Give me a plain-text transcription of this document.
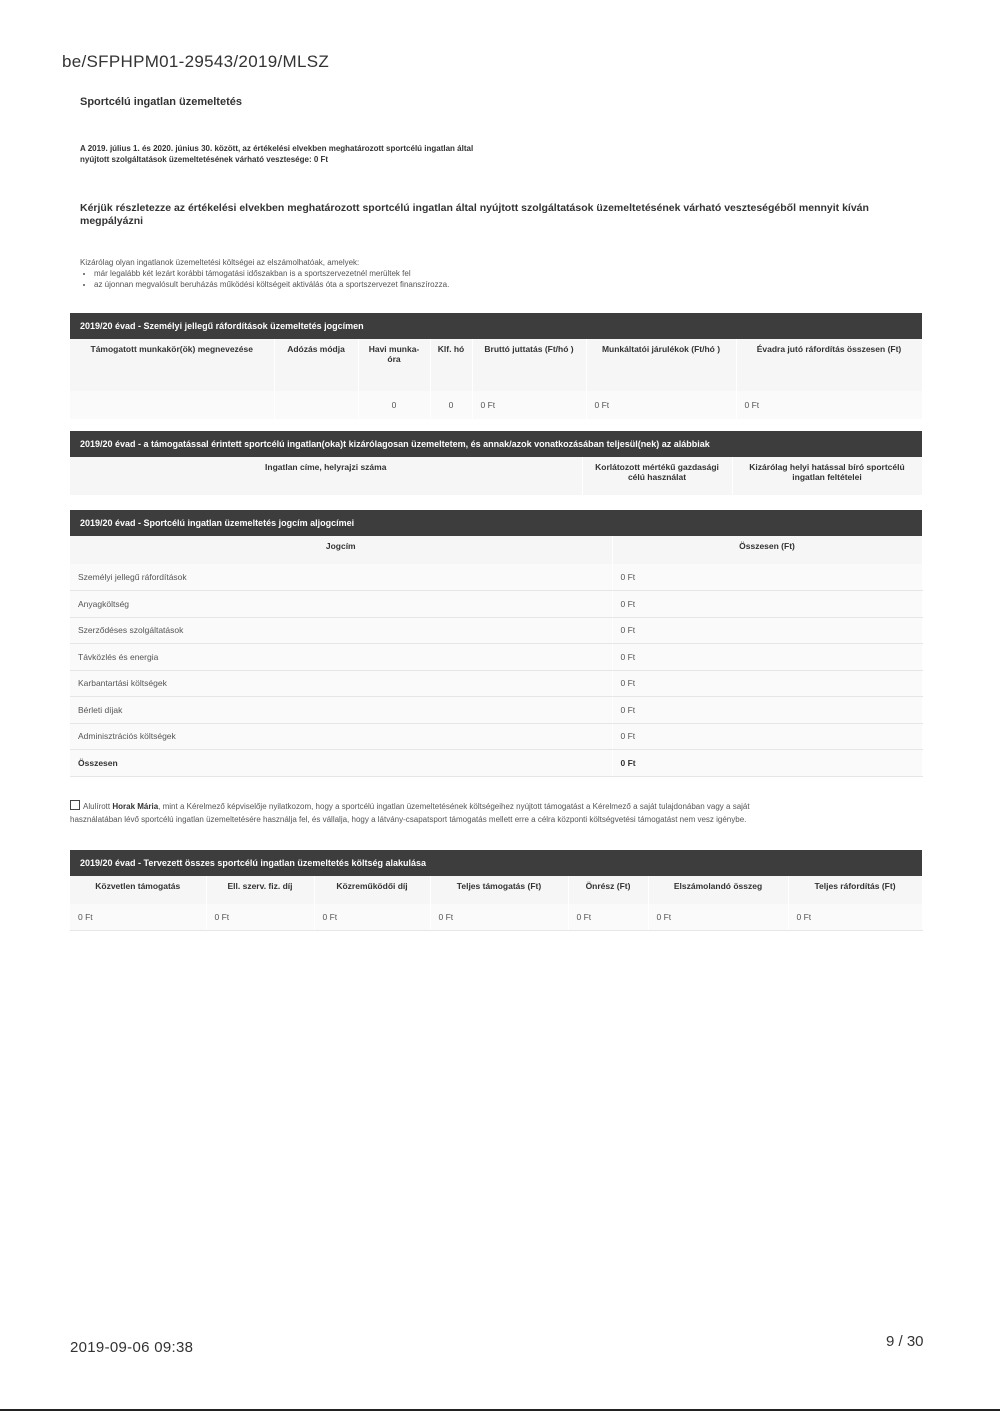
be/SFPHPM01-29543/2019/MLSZ
Sportcélú ingatlan üzemeltetés
A 2019. július 1. és 2020. június 30. között, az értékelési elvekben meghatározott sportcélú ingatlan által
nyújtott szolgáltatások üzemeltetésének várható vesztesége: 0 Ft
Kérjük részletezze az értékelési elvekben meghatározott sportcélú ingatlan által nyújtott szolgáltatások üzemeltetésének várható veszteségéből mennyit kíván megpályázni
Kizárólag olyan ingatlanok üzemeltetési költségei az elszámolhatóak, amelyek:
• már legalább két lezárt korábbi támogatási időszakban is a sportszervezetnél merültek fel
• az újonnan megvalósult beruházás működési költségeit aktiválás óta a sportszervezet finanszírozza.
2019/20 évad - Személyi jellegű ráfordítások üzemeltetés jogcímen
Támogatott munkakör(ök) megnevezése	Adózás módja	Havi munka-óra	Klf. hó	Bruttó juttatás (Ft/hó )	Munkáltatói járulékok (Ft/hó )	Évadra jutó ráfordítás összesen (Ft)
		0	0	0 Ft	0 Ft	0 Ft
2019/20 évad - a támogatással érintett sportcélú ingatlan(oka)t kizárólagosan üzemeltetem, és annak/azok vonatkozásában teljesül(nek) az alábbiak
Ingatlan címe, helyrajzi száma	Korlátozott mértékű gazdasági célú használat	Kizárólag helyi hatással bíró sportcélú ingatlan feltételei
2019/20 évad - Sportcélú ingatlan üzemeltetés jogcím aljogcímei
Jogcím	Összesen (Ft)
Személyi jellegű ráfordítások	0 Ft
Anyagköltség	0 Ft
Szerződéses szolgáltatások	0 Ft
Távközlés és energia	0 Ft
Karbantartási költségek	0 Ft
Bérleti díjak	0 Ft
Adminisztrációs költségek	0 Ft
Összesen	0 Ft
Alulírott Horak Mária, mint a Kérelmező képviselője nyilatkozom, hogy a sportcélú ingatlan üzemeltetésének költségeihez nyújtott támogatást a Kérelmező a saját tulajdonában vagy a saját
használatában lévő sportcélú ingatlan üzemeltetésére használja fel, és vállalja, hogy a látvány-csapatsport támogatás mellett erre a célra központi költségvetési támogatást nem vesz igénybe.
2019/20 évad - Tervezett összes sportcélú ingatlan üzemeltetés költség alakulása
Közvetlen támogatás	Ell. szerv. fiz. díj	Közreműködői díj	Teljes támogatás (Ft)	Önrész (Ft)	Elszámolandó összeg	Teljes ráfordítás (Ft)
0 Ft	0 Ft	0 Ft	0 Ft	0 Ft	0 Ft	0 Ft
2019-09-06 09:38	9 / 30
